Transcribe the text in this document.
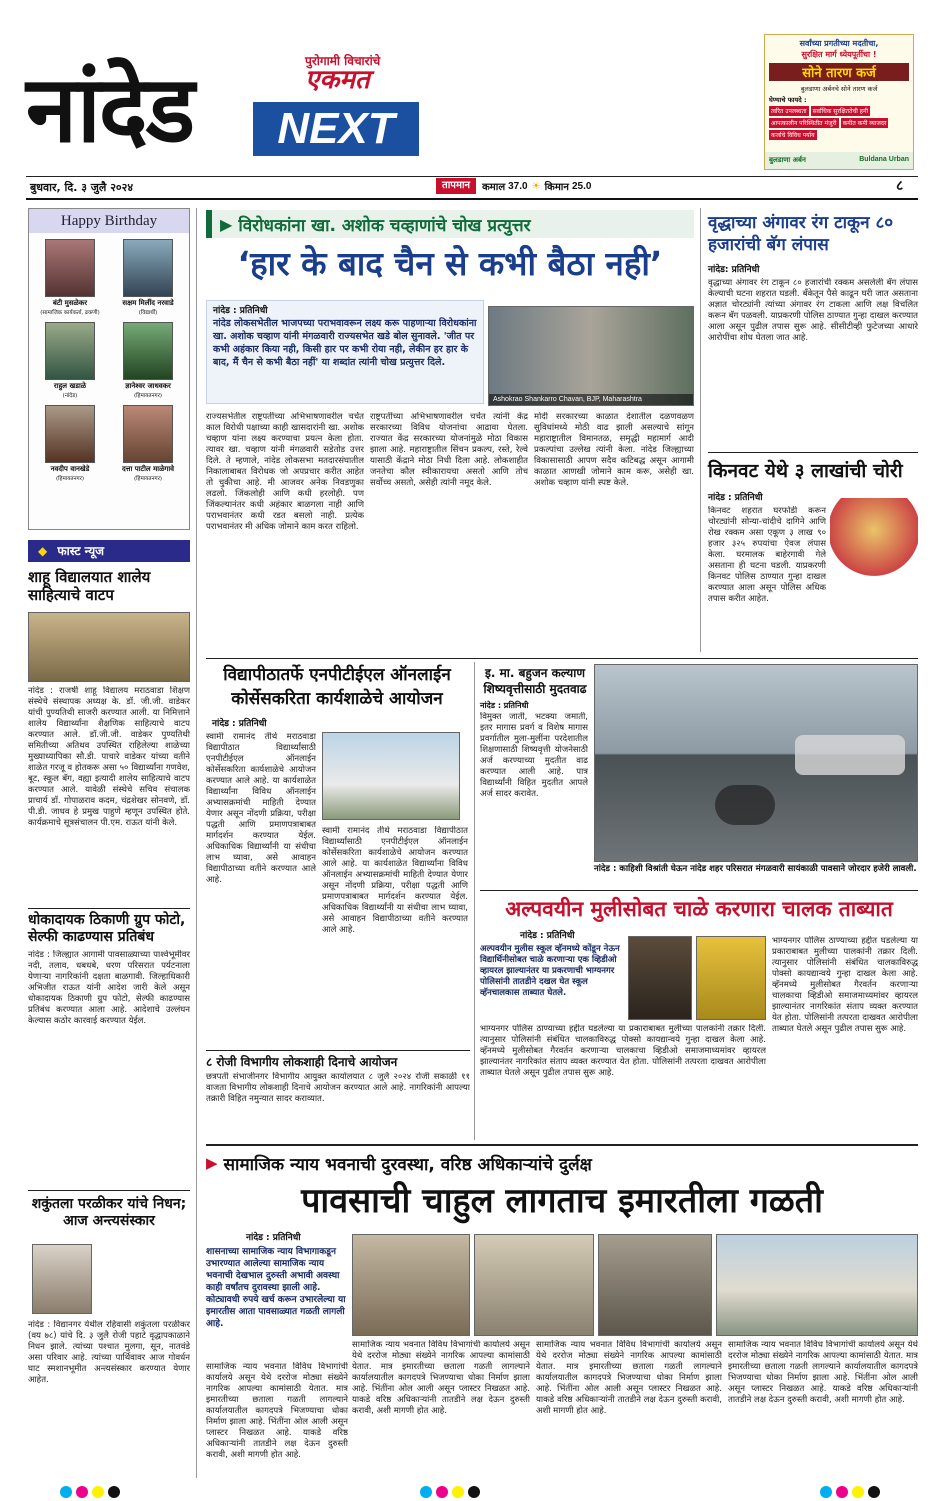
नांदेड	पुरोगामी विचारांचे
एकमत
NEXT
सर्वांच्या प्रगतीच्या मदतीचा,
सुरक्षित मार्ग ध्येयपूर्तीचा !
सोने तारण कर्ज
बुलडाणा अर्बनचे सोने तारण कर्ज
घेण्याचे फायदे :
त्वरित उपलब्धता	सर्वाधिक सुरक्षिततेची हमी
आपत्कालीन परिस्थितीत मंजुरी	कमीत कमी व्याजदर
कर्जाचे विविध पर्याय
बुलडाणा अर्बन	Buldana Urban
बुधवार, दि. ३ जुलै २०२४	तापमान	कमाल 37.0 ☀ किमान 25.0	८
Happy Birthday
बंटी मुसळेकर
(सामाजिक कार्यकर्ता, ढकणी)
सक्षम मिलींद नरवाडे
(विद्यार्थी)
राहुल खडाळे
(नांदेड)
ज्ञानेश्वर जाधवकर
(हिमायतनगर)
नवदीप वानखेडे
(हिमायतनगर)
दत्ता पाटील माळेगावे
(हिमायतनगर)
◆ फास्ट न्यूज
शाहू विद्यालयात शालेय साहित्याचे वाटप
नांदेड : राजर्षी शाहू विद्यालय मराठवाडा शिक्षण संस्थेचे संस्थापक अध्यक्ष के. डॉ. जी.जी. वाडेकर यांची पुण्यतिथी साजरी करण्यात आली. या निमित्ताने शालेय विद्यार्थ्यांना शैक्षणिक साहित्याचे वाटप करण्यात आले. डॉ.जी.जी. वाडेकर पुण्यतिथी समितीच्या अतिथव उपस्थित राहिलेल्या शाळेच्या मुख्याध्यापिका सौ.डी. पाचारे वाडेकर यांच्या वतीने शाळेत गरजू व होतकरू असा ५० विद्यार्थ्यांना गणवेश, बूट, स्कूल बॅग, वह्या इत्यादी शालेय साहित्याचे वाटप करण्यात आले. यावेळी संस्थेचे सचिव संचालक प्राचार्य डॉ. गोपाळराव कदम, चंद्रशेखर सोनवणे, डॉ. पी.डी. जाधव हे प्रमुख पाहुणे म्हणून उपस्थित होते. कार्यक्रमाचे सूत्रसंचालन पी.एम. राऊत यांनी केले.
धोकादायक ठिकाणी ग्रुप फोटो, सेल्फी काढण्यास प्रतिबंध
नांदेड : जिल्ह्यात आगामी पावसाळ्याच्या पार्श्वभूमीवर नदी, तलाव, धबधबे, धरण परिसरात पर्यटनाला येणाऱ्या नागरिकांनी दक्षता बाळगावी. जिल्हाधिकारी अभिजीत राऊत यांनी आदेश जारी केले असून धोकादायक ठिकाणी ग्रुप फोटो, सेल्फी काढण्यास प्रतिबंध करण्यात आला आहे. आदेशाचे उल्लंघन केल्यास कठोर कारवाई करण्यात येईल.
शकुंतला परळीकर यांचे निधन; आज अन्त्यसंस्कार
नांदेड : विद्यानगर येथील रहिवासी शकुंतला परळीकर (वय ७८) यांचे दि. ३ जुलै रोजी पहाटे वृद्धापकाळाने निधन झाले. त्यांच्या पश्चात मुलगा, सून, नातवंडे असा परिवार आहे. त्यांच्या पार्थिवावर आज गोवर्धन घाट स्मशानभूमीत अन्त्यसंस्कार करण्यात येणार आहेत.
▶ विरोधकांना खा. अशोक चव्हाणांचे चोख प्रत्युत्तर
‘हार के बाद चैन से कभी बैठा नही’
नांदेड : प्रतिनिधी
नांदेड लोकसभेतील भाजपच्या पराभवावरून लक्ष्य करू पाहणाऱ्या विरोधकांना खा. अशोक चव्हाण यांनी मंगळवारी राज्यसभेत खडे बोल सुनावले. 'जीत पर कभी अहंकार किया नही, किसी हार पर कभी रोया नही, लेकीन हर हार के बाद, मैं चैन से कभी बैठा नहीं' या शब्दांत त्यांनी चोख प्रत्युत्तर दिले.
Ashokrao Shankarro Chavan, BJP, Maharashtra
राज्यसभेतील राष्ट्रपतींच्या अभिभाषणावरील चर्चेत काल विरोधी पक्षाच्या काही खासदारांनी खा. अशोक चव्हाण यांना लक्ष्य करण्याचा प्रयत्न केला होता. त्यावर खा. चव्हाण यांनी मंगळवारी सडेतोड उत्तर दिले. ते म्हणाले, नांदेड लोकसभा मतदारसंघातील निकालाबाबत विरोधक जो अपप्रचार करीत आहेत तो चुकीचा आहे. मी आजवर अनेक निवडणुका लढलो. जिंकलोही आणि कधी हरलोही. पण जिंकल्यानंतर कधी अहंकार बाळगला नाही आणि पराभवानंतर कधी रडत बसलो नाही. प्रत्येक पराभवानंतर मी अधिक जोमाने काम करत राहिलो.
राष्ट्रपतींच्या अभिभाषणावरील चर्चेत त्यांनी केंद्र सरकारच्या विविध योजनांचा आढावा घेतला. राज्यात केंद्र सरकारच्या योजनांमुळे मोठा विकास झाला आहे. महाराष्ट्रातील सिंचन प्रकल्प, रस्ते, रेल्वे यासाठी केंद्राने मोठा निधी दिला आहे. लोकशाहीत जनतेचा कौल स्वीकारायचा असतो आणि तोच सर्वोच्च असतो, असेही त्यांनी नमूद केले.
मोदी सरकारच्या काळात देशातील दळणवळण सुविधांमध्ये मोठी वाढ झाली असल्याचे सांगून महाराष्ट्रातील विमानतळ, समृद्धी महामार्ग आदी प्रकल्पांचा उल्लेख त्यांनी केला. नांदेड जिल्ह्याच्या विकासासाठी आपण सदैव कटिबद्ध असून आगामी काळात आणखी जोमाने काम करू, असेही खा. अशोक चव्हाण यांनी स्पष्ट केले.
वृद्धाच्या अंगावर रंग टाकून ८० हजारांची बॅग लंपास
नांदेड: प्रतिनिधी
वृद्धाच्या अंगावर रंग टाकून ८० हजारांची रक्कम असलेली बॅग लंपास केल्याची घटना शहरात घडली. बँकेतून पैसे काढून घरी जात असताना अज्ञात चोरट्यांनी त्यांच्या अंगावर रंग टाकला आणि लक्ष विचलित करून बॅग पळवली. याप्रकरणी पोलिस ठाण्यात गुन्हा दाखल करण्यात आला असून पुढील तपास सुरू आहे. सीसीटीव्ही फुटेजच्या आधारे आरोपींचा शोध घेतला जात आहे.
किनवट येथे ३ लाखांची चोरी
नांदेड : प्रतिनिधी
किनवट शहरात घरफोडी करून चोरट्यांनी सोन्या-चांदीचे दागिने आणि रोख रक्कम असा एकूण ३ लाख ९० हजार ३२५ रुपयांचा ऐवज लंपास केला. घरमालक बाहेरगावी गेले असताना ही घटना घडली. याप्रकरणी किनवट पोलिस ठाण्यात गुन्हा दाखल करण्यात आला असून पोलिस अधिक तपास करीत आहेत.
विद्यापीठातर्फे एनपीटीईएल ऑनलाईन
कोर्सेसकरिता कार्यशाळेचे आयोजन
नांदेड : प्रतिनिधी
स्वामी रामानंद तीर्थ मराठवाडा विद्यापीठात विद्यार्थ्यांसाठी एनपीटीईएल ऑनलाईन कोर्सेसकरिता कार्यशाळेचे आयोजन करण्यात आले आहे. या कार्यशाळेत विद्यार्थ्यांना विविध ऑनलाईन अभ्यासक्रमांची माहिती देण्यात येणार असून नोंदणी प्रक्रिया, परीक्षा पद्धती आणि प्रमाणपत्राबाबत मार्गदर्शन करण्यात येईल. अधिकाधिक विद्यार्थ्यांनी या संधीचा लाभ घ्यावा, असे आवाहन विद्यापीठाच्या वतीने करण्यात आले आहे.
स्वामी रामानंद तीर्थ मराठवाडा विद्यापीठात विद्यार्थ्यांसाठी एनपीटीईएल ऑनलाईन कोर्सेसकरिता कार्यशाळेचे आयोजन करण्यात आले आहे. या कार्यशाळेत विद्यार्थ्यांना विविध ऑनलाईन अभ्यासक्रमांची माहिती देण्यात येणार असून नोंदणी प्रक्रिया, परीक्षा पद्धती आणि प्रमाणपत्राबाबत मार्गदर्शन करण्यात येईल. अधिकाधिक विद्यार्थ्यांनी या संधीचा लाभ घ्यावा, असे आवाहन विद्यापीठाच्या वतीने करण्यात आले आहे.
८ रोजी विभागीय लोकशाही दिनाचे आयोजन
छत्रपती संभाजीनगर विभागीय आयुक्त कार्यालयात ८ जुलै २०२४ रोजी सकाळी ११ वाजता विभागीय लोकशाही दिनाचे आयोजन करण्यात आले आहे. नागरिकांनी आपल्या तक्रारी विहित नमुन्यात सादर कराव्यात.
इ. मा. बहुजन कल्याण
शिष्यवृत्तीसाठी मुदतवाढ
नांदेड : प्रतिनिधी
विमुक्त जाती, भटक्या जमाती, इतर मागास प्रवर्ग व विशेष मागास प्रवर्गातील मुला-मुलींना परदेशातील शिक्षणासाठी शिष्यवृत्ती योजनेसाठी अर्ज करण्याच्या मुदतीत वाढ करण्यात आली आहे. पात्र विद्यार्थ्यांनी विहित मुदतीत आपले अर्ज सादर करावेत.
नांदेड : काहिशी विश्रांती घेऊन नांदेड शहर परिसरात मंगळवारी सायंकाळी पावसाने जोरदार हजेरी लावली.
अल्पवयीन मुलीसोबत चाळे करणारा चालक ताब्यात
नांदेड : प्रतिनिधी
अल्पवयीन मुलीस स्कूल व्हॅनमध्ये कोंडून नेऊन विद्यार्थिनीसोबत चाळे करणाऱ्या एक व्हिडीओ व्हायरल झाल्यानंतर या प्रकरणाची भाग्यनगर पोलिसांनी तातडीने दखल घेत स्कूल व्हॅनचालकास ताब्यात घेतले.
भाग्यनगर पोलिस ठाण्याच्या हद्दीत घडलेल्या या प्रकाराबाबत मुलीच्या पालकांनी तक्रार दिली. त्यानुसार पोलिसांनी संबंधित चालकाविरुद्ध पोक्सो कायद्यान्वये गुन्हा दाखल केला आहे. व्हॅनमध्ये मुलीसोबत गैरवर्तन करणाऱ्या चालकाचा व्हिडीओ समाजमाध्यमांवर व्हायरल झाल्यानंतर नागरिकांत संताप व्यक्त करण्यात येत होता. पोलिसांनी तत्परता दाखवत आरोपीला ताब्यात घेतले असून पुढील तपास सुरू आहे.
भाग्यनगर पोलिस ठाण्याच्या हद्दीत घडलेल्या या प्रकाराबाबत मुलीच्या पालकांनी तक्रार दिली. त्यानुसार पोलिसांनी संबंधित चालकाविरुद्ध पोक्सो कायद्यान्वये गुन्हा दाखल केला आहे. व्हॅनमध्ये मुलीसोबत गैरवर्तन करणाऱ्या चालकाचा व्हिडीओ समाजमाध्यमांवर व्हायरल झाल्यानंतर नागरिकांत संताप व्यक्त करण्यात येत होता. पोलिसांनी तत्परता दाखवत आरोपीला ताब्यात घेतले असून पुढील तपास सुरू आहे.
▶ सामाजिक न्याय भवनाची दुरवस्था, वरिष्ठ अधिकाऱ्यांचे दुर्लक्ष
पावसाची चाहुल लागताच इमारतीला गळती
नांदेड : प्रतिनिधी
शासनाच्या सामाजिक न्याय विभागाकडून उभारण्यात आलेल्या सामाजिक न्याय भवनाची देखभाल दुरुस्ती अभावी अवस्था काही वर्षांतच दुरावस्था झाली आहे. कोट्यावधी रुपये खर्च करून उभारलेल्या या इमारतीस आता पावसाळ्यात गळती लागली आहे.
सामाजिक न्याय भवनात विविध विभागांची कार्यालये असून येथे दररोज मोठ्या संख्येने नागरिक आपल्या कामांसाठी येतात. मात्र इमारतीच्या छताला गळती लागल्याने कार्यालयातील कागदपत्रे भिजण्याचा धोका निर्माण झाला आहे. भिंतींना ओल आली असून प्लास्टर निखळत आहे. याकडे वरिष्ठ अधिकाऱ्यांनी तातडीने लक्ष देऊन दुरुस्ती करावी, अशी मागणी होत आहे.
सामाजिक न्याय भवनात विविध विभागांची कार्यालये असून येथे दररोज मोठ्या संख्येने नागरिक आपल्या कामांसाठी येतात. मात्र इमारतीच्या छताला गळती लागल्याने कार्यालयातील कागदपत्रे भिजण्याचा धोका निर्माण झाला आहे. भिंतींना ओल आली असून प्लास्टर निखळत आहे. याकडे वरिष्ठ अधिकाऱ्यांनी तातडीने लक्ष देऊन दुरुस्ती करावी, अशी मागणी होत आहे.
सामाजिक न्याय भवनात विविध विभागांची कार्यालये असून येथे दररोज मोठ्या संख्येने नागरिक आपल्या कामांसाठी येतात. मात्र इमारतीच्या छताला गळती लागल्याने कार्यालयातील कागदपत्रे भिजण्याचा धोका निर्माण झाला आहे. भिंतींना ओल आली असून प्लास्टर निखळत आहे. याकडे वरिष्ठ अधिकाऱ्यांनी तातडीने लक्ष देऊन दुरुस्ती करावी, अशी मागणी होत आहे.
सामाजिक न्याय भवनात विविध विभागांची कार्यालये असून येथे दररोज मोठ्या संख्येने नागरिक आपल्या कामांसाठी येतात. मात्र इमारतीच्या छताला गळती लागल्याने कार्यालयातील कागदपत्रे भिजण्याचा धोका निर्माण झाला आहे. भिंतींना ओल आली असून प्लास्टर निखळत आहे. याकडे वरिष्ठ अधिकाऱ्यांनी तातडीने लक्ष देऊन दुरुस्ती करावी, अशी मागणी होत आहे.
